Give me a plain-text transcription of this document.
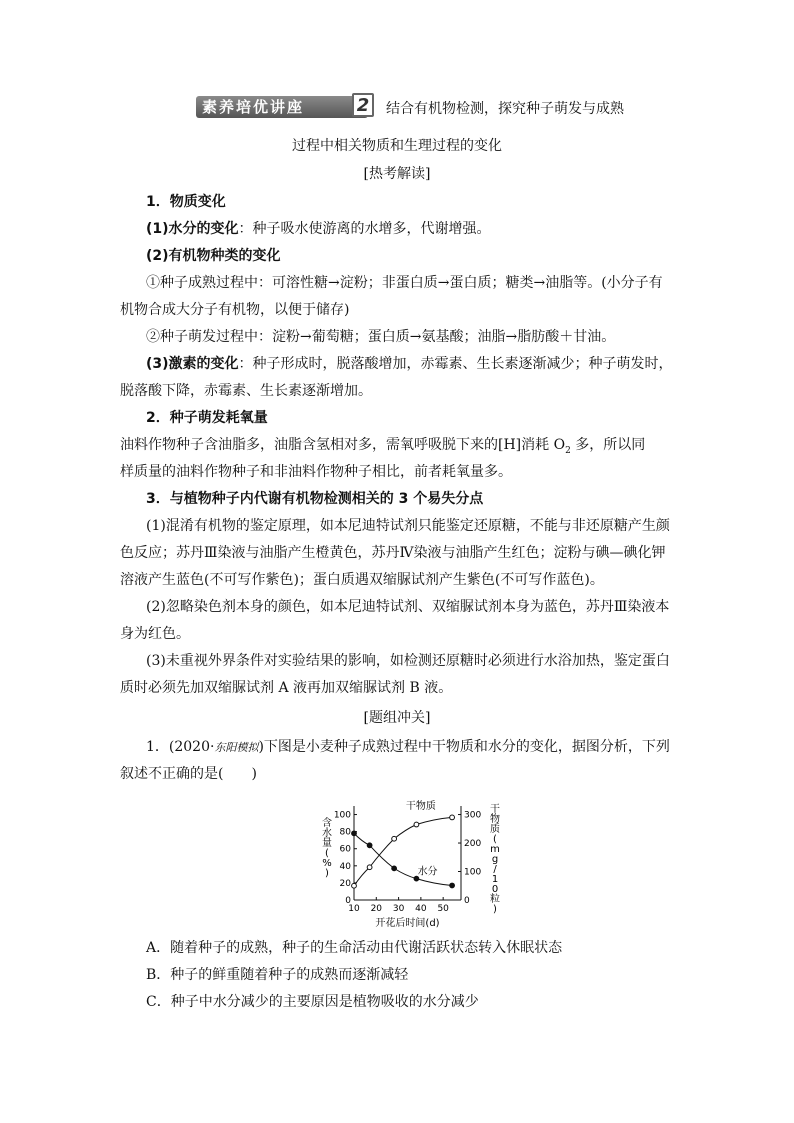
素养培优讲座	2	结合有机物检测，探究种子萌发与成熟
过程中相关物质和生理过程的变化
[热考解读]
1．物质变化
(1)水分的变化：种子吸水使游离的水增多，代谢增强。
(2)有机物种类的变化
①种子成熟过程中：可溶性糖→淀粉；非蛋白质→蛋白质；糖类→油脂等。(小分子有
机物合成大分子有机物，以便于储存)
②种子萌发过程中：淀粉→葡萄糖；蛋白质→氨基酸；油脂→脂肪酸＋甘油。
(3)激素的变化：种子形成时，脱落酸增加，赤霉素、生长素逐渐减少；种子萌发时，
脱落酸下降，赤霉素、生长素逐渐增加。
2．种子萌发耗氧量
油料作物种子含油脂多，油脂含氢相对多，需氧呼吸脱下来的[H]消耗 $O_2$ 多，所以同
样质量的油料作物种子和非油料作物种子相比，前者耗氧量多。
3．与植物种子内代谢有机物检测相关的 3 个易失分点
(1)混淆有机物的鉴定原理，如本尼迪特试剂只能鉴定还原糖，不能与非还原糖产生颜
色反应；苏丹Ⅲ染液与油脂产生橙黄色，苏丹Ⅳ染液与油脂产生红色；淀粉与碘—碘化钾
溶液产生蓝色(不可写作紫色)；蛋白质遇双缩脲试剂产生紫色(不可写作蓝色)。
(2)忽略染色剂本身的颜色，如本尼迪特试剂、双缩脲试剂本身为蓝色，苏丹Ⅲ染液本
身为红色。
(3)未重视外界条件对实验结果的影响，如检测还原糖时必须进行水浴加热，鉴定蛋白
质时必须先加双缩脲试剂 A 液再加双缩脲试剂 B 液。
[题组冲关]
1．(2020·东阳模拟)下图是小麦种子成熟过程中干物质和水分的变化，据图分析，下列
叙述不正确的是(　　)
10 20 30 40 50
0
20
40
60
80
100
0
100
200
300
开花后时间(d)
含水量( % )
干物质( m g / 1 0 粒)
干物质
水分
A．随着种子的成熟，种子的生命活动由代谢活跃状态转入休眠状态
B．种子的鲜重随着种子的成熟而逐渐减轻
C．种子中水分减少的主要原因是植物吸收的水分减少
